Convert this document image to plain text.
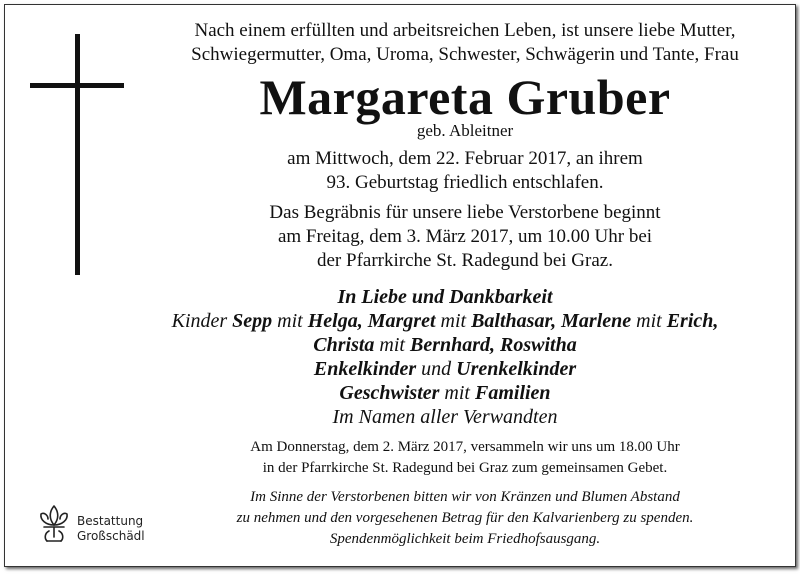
Nach einem erfüllten und arbeitsreichen Leben, ist unsere liebe Mutter,
Schwiegermutter, Oma, Uroma, Schwester, Schwägerin und Tante, Frau

Margareta Gruber

geb. Ableitner

am Mittwoch, dem 22. Februar 2017, an ihrem
93. Geburtstag friedlich entschlafen.

Das Begräbnis für unsere liebe Verstorbene beginnt
am Freitag, dem 3. März 2017, um 10.00 Uhr bei
der Pfarrkirche St. Radegund bei Graz.

In Liebe und Dankbarkeit
Kinder Sepp mit Helga, Margret mit Balthasar, Marlene mit Erich,
Christa mit Bernhard, Roswitha
Enkelkinder und Urenkelkinder
Geschwister mit Familien
Im Namen aller Verwandten

Am Donnerstag, dem 2. März 2017, versammeln wir uns um 18.00 Uhr
in der Pfarrkirche St. Radegund bei Graz zum gemeinsamen Gebet.

Im Sinne der Verstorbenen bitten wir von Kränzen und Blumen Abstand
zu nehmen und den vorgesehenen Betrag für den Kalvarienberg zu spenden.
Spendenmöglichkeit beim Friedhofsausgang.

Bestattung
Großschädl
